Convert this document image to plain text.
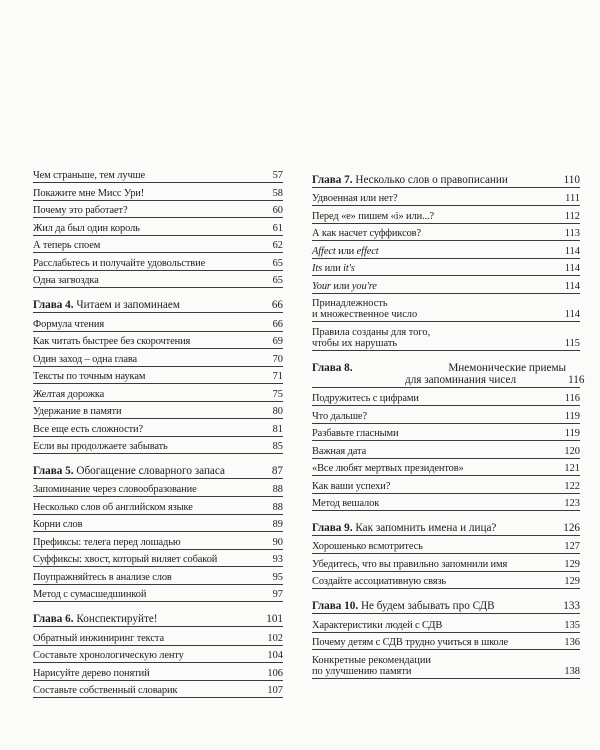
Чем страньше, тем лучше	57
Покажите мне Мисс Ури!	58
Почему это работает?	60
Жил да был один король	61
А теперь споем	62
Расслабьтесь и получайте удовольствие	65
Одна загвоздка	65
Глава 4. Читаем и запоминаем	66
Формула чтения	66
Как читать быстрее без скорочтения	69
Один заход – одна глава	70
Тексты по точным наукам	71
Желтая дорожка	75
Удержание в памяти	80
Все еще есть сложности?	81
Если вы продолжаете забывать	85
Глава 5. Обогащение словарного запаса	87
Запоминание через словообразование	88
Несколько слов об английском языке	88
Корни слов	89
Префиксы: телега перед лошадью	90
Суффиксы: хвост, который виляет собакой	93
Поупражняйтесь в анализе слов	95
Метод с сумасшедшинкой	97
Глава 6. Конспектируйте!	101
Обратный инжиниринг текста	102
Составьте хронологическую ленту	104
Нарисуйте дерево понятий	106
Составьте собственный словарик	107
Глава 7. Несколько слов о правописании	110
Удвоенная или нет?	111
Перед «е» пишем «i» или...?	112
А как насчет суффиксов?	113
Affect или effect	114
Its или it's	114
Your или you're	114
Принадлежность
и множественное число	114
Правила созданы для того,
чтобы их нарушать	115
Глава 8.	Мнемонические приемы
для запоминания чисел	116
Подружитесь с цифрами	116
Что дальше?	119
Разбавьте гласными	119
Важная дата	120
«Все любят мертвых президентов»	121
Как ваши успехи?	122
Метод вешалок	123
Глава 9. Как запомнить имена и лица?	126
Хорошенько всмотритесь	127
Убедитесь, что вы правильно запомнили имя	129
Создайте ассоциативную связь	129
Глава 10. Не будем забывать про СДВ	133
Характеристики людей с СДВ	135
Почему детям с СДВ трудно учиться в школе	136
Конкретные рекомендации
по улучшению памяти	138
